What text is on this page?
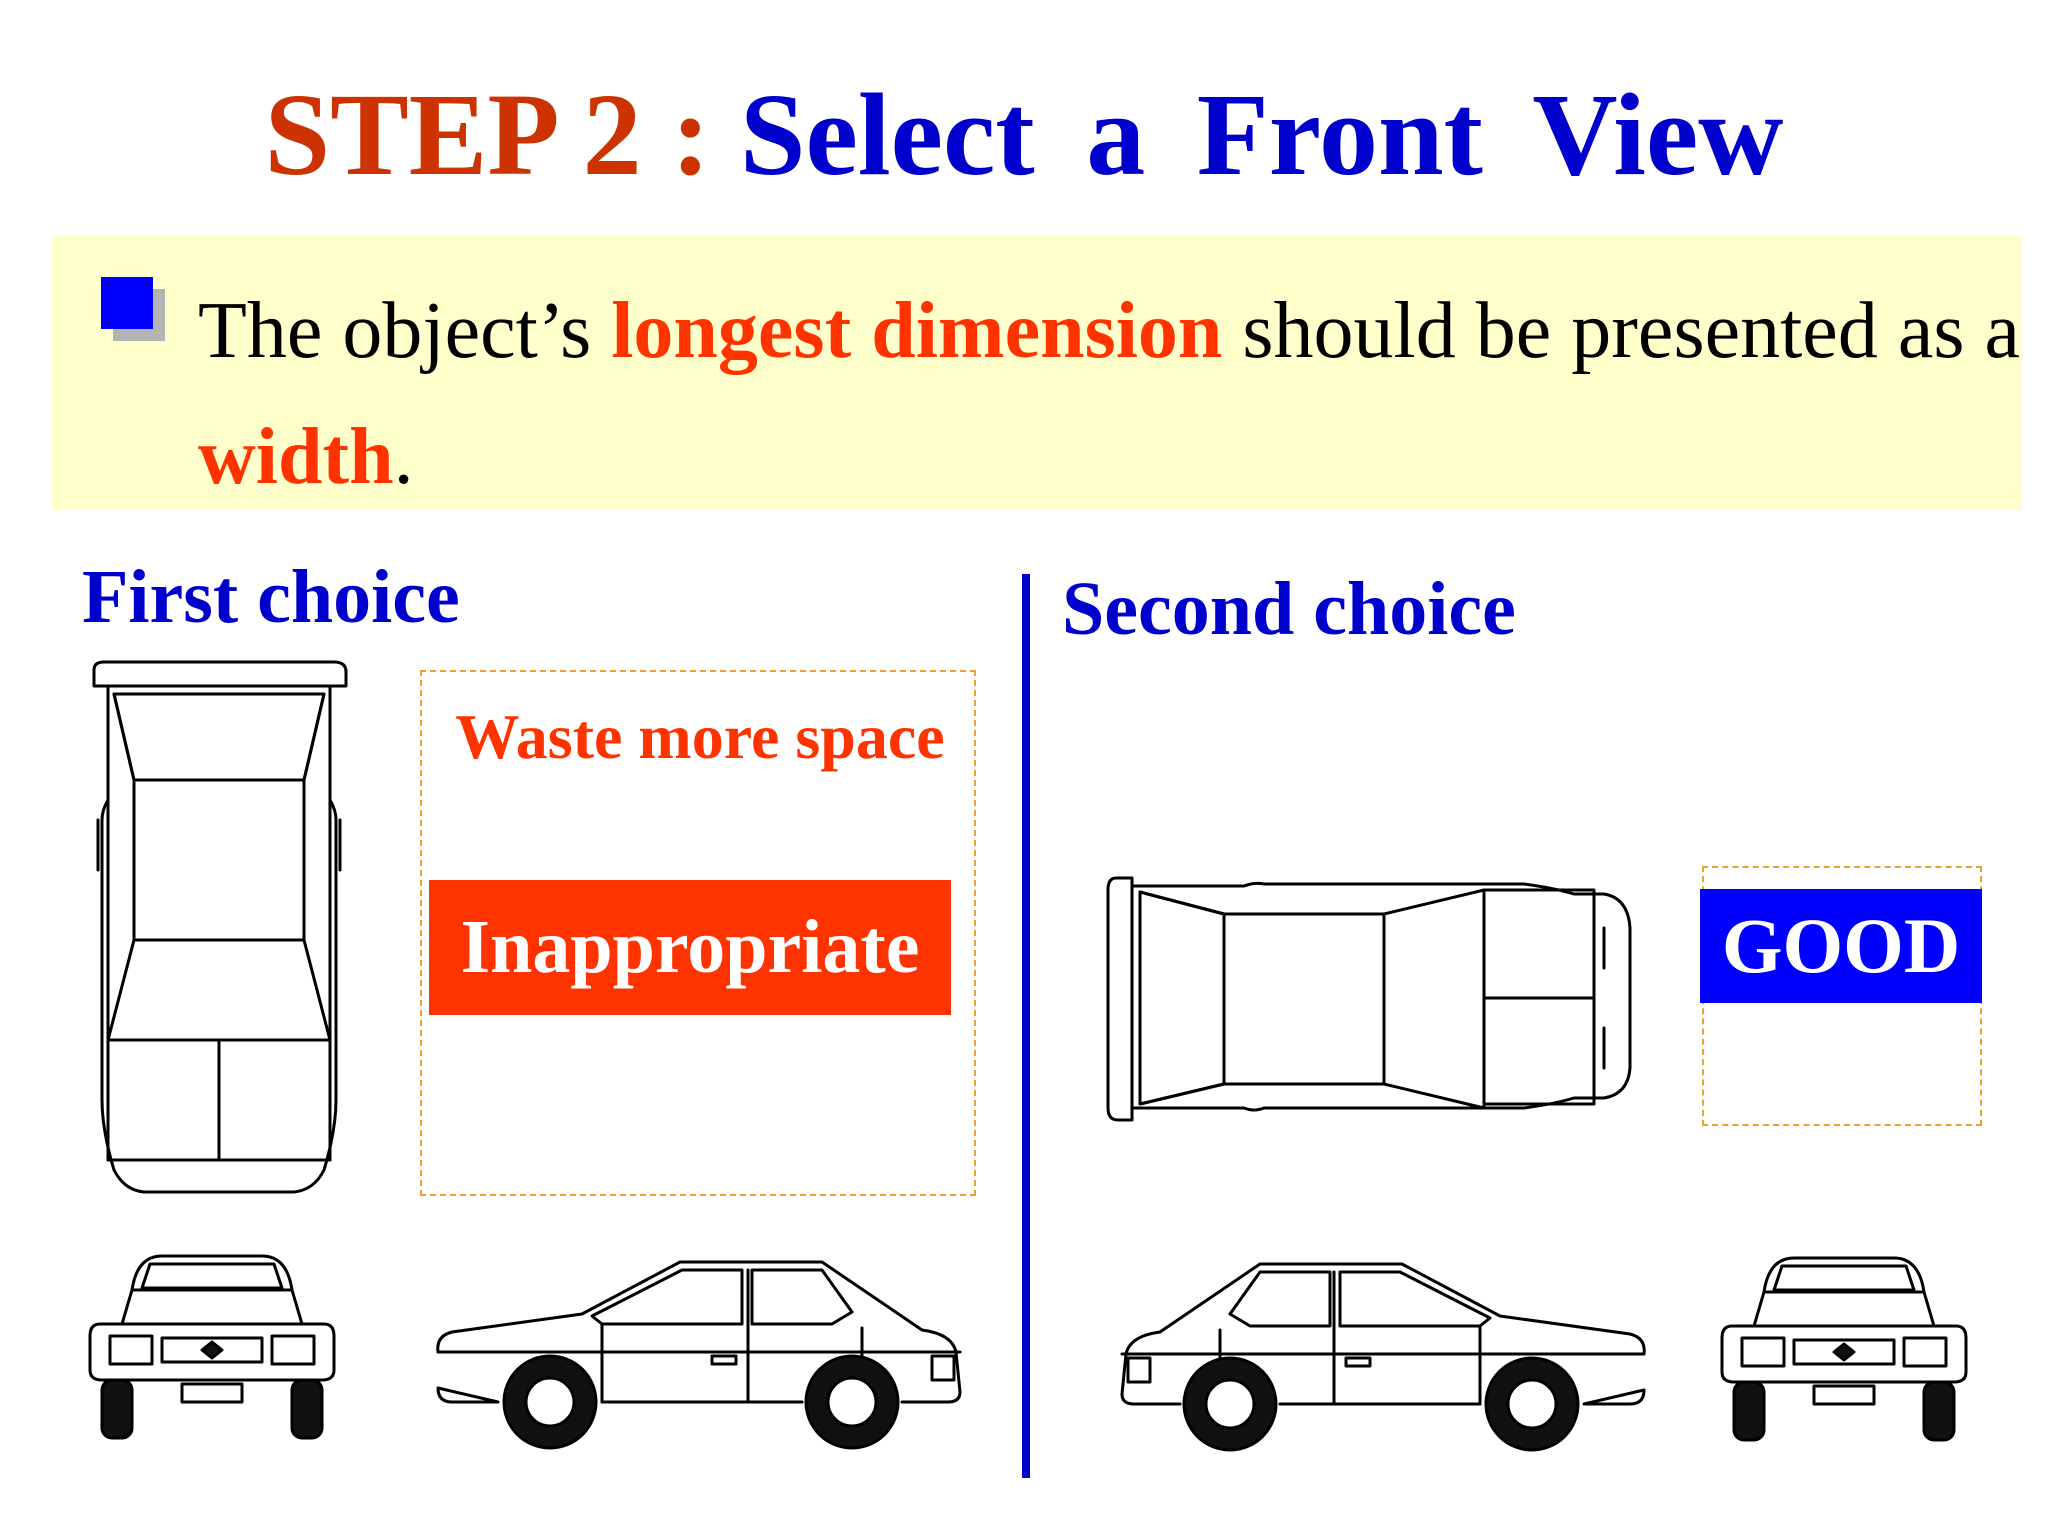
STEP 2 : Select a Front View
The object’s longest dimension should be presented as a width.
First choice	Second choice
Waste more space
Inappropriate	GOOD
